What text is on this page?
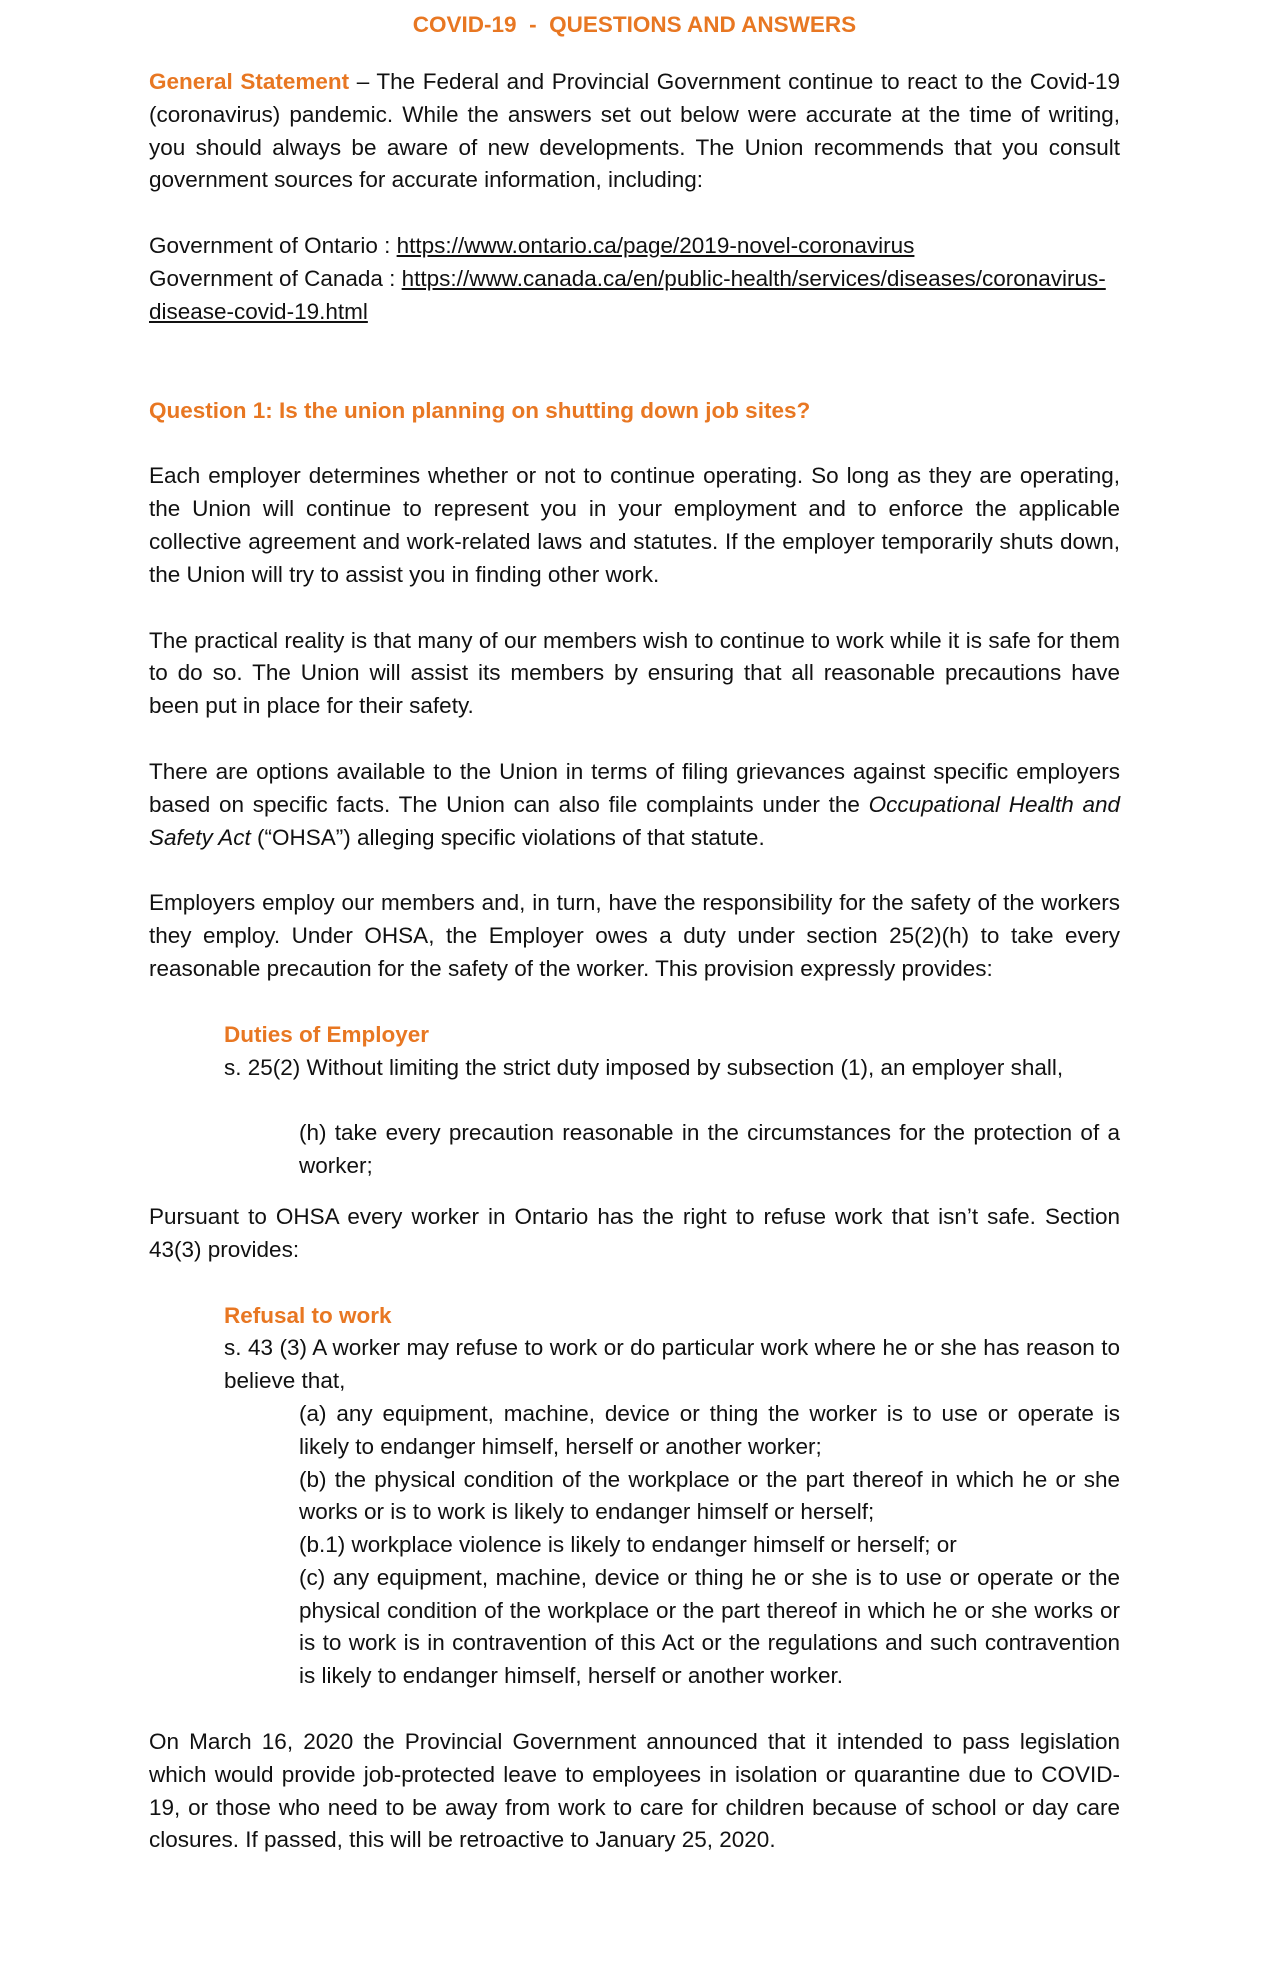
COVID-19  -  QUESTIONS AND ANSWERS

General Statement – The Federal and Provincial Government continue to react to the Covid-19 (coronavirus) pandemic. While the answers set out below were accurate at the time of writing, you should always be aware of new developments. The Union recommends that you consult government sources for accurate information, including:

Government of Ontario : https://www.ontario.ca/page/2019-novel-coronavirus
Government of Canada : https://www.canada.ca/en/public-health/services/diseases/coronavirus-disease-covid-19.html

Question 1: Is the union planning on shutting down job sites?

Each employer determines whether or not to continue operating. So long as they are operating, the Union will continue to represent you in your employment and to enforce the applicable collective agreement and work-related laws and statutes. If the employer temporarily shuts down, the Union will try to assist you in finding other work.

The practical reality is that many of our members wish to continue to work while it is safe for them to do so. The Union will assist its members by ensuring that all reasonable precautions have been put in place for their safety.

There are options available to the Union in terms of filing grievances against specific employers based on specific facts. The Union can also file complaints under the Occupational Health and Safety Act (“OHSA”) alleging specific violations of that statute.

Employers employ our members and, in turn, have the responsibility for the safety of the workers they employ. Under OHSA, the Employer owes a duty under section 25(2)(h) to take every reasonable precaution for the safety of the worker. This provision expressly provides:

Duties of Employer

s. 25(2) Without limiting the strict duty imposed by subsection (1), an employer shall,

(h) take every precaution reasonable in the circumstances for the protection of a worker;

Pursuant to OHSA every worker in Ontario has the right to refuse work that isn’t safe. Section 43(3) provides:

Refusal to work

s. 43 (3) A worker may refuse to work or do particular work where he or she has reason to believe that,

(a) any equipment, machine, device or thing the worker is to use or operate is likely to endanger himself, herself or another worker;

(b) the physical condition of the workplace or the part thereof in which he or she works or is to work is likely to endanger himself or herself;

(b.1) workplace violence is likely to endanger himself or herself; or

(c) any equipment, machine, device or thing he or she is to use or operate or the physical condition of the workplace or the part thereof in which he or she works or is to work is in contravention of this Act or the regulations and such contravention is likely to endanger himself, herself or another worker.

On March 16, 2020 the Provincial Government announced that it intended to pass legislation which would provide job-protected leave to employees in isolation or quarantine due to COVID-19, or those who need to be away from work to care for children because of school or day care closures. If passed, this will be retroactive to January 25, 2020.
